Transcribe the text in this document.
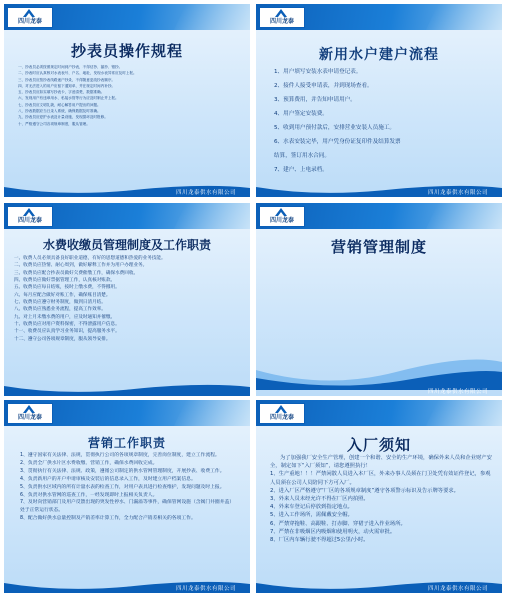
四川龙泰
抄表员操作规程

一、抄表员必须按照规定时间到户抄表，不得估抄、漏抄、错抄。

二、抄表时应认真核对水表表号、户名、地址，发现水表异常应及时上报。

三、抄表员应按抄表线路逐户抄录，不得随意更改抄表顺序。

四、对无法进入的用户应留下通知单，并在规定时间内补抄。

五、抄表员应如实填写抄表卡，字迹清楚，数据准确。

六、发现用户有违章用水、私接水管等行为应及时制止并上报。

七、抄表员应文明礼貌，耐心解答用户提出的问题。

八、抄表数据应当日录入系统，确保数据及时准确。

九、抄表员应爱护水表及计量设施，发现损坏及时报修。

十、严格遵守公司各项规章制度，服从管理。

四川龙泰供水有限公司
四川龙泰
新用水户建户流程

1、用户填写安装水表申请登记表。

2、接件人接受申请表，并到现场查看。

3、预算费用，并告知申请用户。

4、用户签定安装费。

5、收到用户预付款后，安排营业安装人员施工。

6、水表安装完毕，用户凭身份证复印件及结算发票

结算，签订用水合同。

7、建户、上电录档。

四川龙泰供水有限公司
四川龙泰
水费收缴员管理制度及工作职责

一、收费人员必须具备良好职业道德，有好的思想道德和热爱的业务技能。

二、收费员应热情、耐心周到，做好解释工作并为用户办理业务。

三、收费员应配合抄表员做好欠费催缴工作，确保水费回收。

四、收费员应做好票据管理工作，认真核对账款。

五、收费员应每日结账，按时上缴水费，不得挪用。

六、每月应配合做好对账工作，确保账目清楚。

七、收费员应遵守财务制度，做到日清月结。

八、收费员应熟悉业务流程，提高工作效率。

九、对上月未缴水费的用户，应及时通知并催缴。

十、收费员应对用户资料保密，不得泄露用户信息。

十一、收费员应认真学习业务知识，提高服务水平。

十二、遵守公司各项规章制度，服从领导安排。

四川龙泰
营销管理制度
四川龙泰供水有限公司
四川龙泰
营销工作职责

1、遵守国家有关法律、法规，贯彻执行公司的各项规章制度，完善岗位制度，建立工作流程。

2、负责全厂供水片区水费收缴、营销工作，确保水费回收完成。

3、贯彻执行有关法律、法规、政策，遵循公司制定的供水管网管理制度，开展抄表、收费工作。

4、负责新用户的开户申请审核及安装后的信息录入工作，及时建立用户档案信息。

5、负责供水区域内的所有计量水表的检查工作，对用户表具进行检查维护，发现问题及时上报。

6、负责对供水管网的巡查工作，一经发现即时上报相关负责人。

7、及时向营销部门及用户反馈出现的突发性停水、门漏溢等事件，确保管网设施（含阀门井圈井盖）处于正常运行状态。

8、配合做好供水总量控制及产销差率计算工作，全力配合产销差相关的各项工作。

四川龙泰供水有限公司
四川龙泰
入厂须知

为了加强我厂安全生产管理，创建一个和谐、安全的生产环境，确保外来人员和企业财产安全，制定如下“入厂须知”，请您遵照执行！

1、生产重地！！！严禁闲散人员进入本厂区，外来办事人员须在门卫处凭有效证件登记，参观人员须在公司人员陪同下方可入厂。

2、进入厂区严格遵守“厂区的各项规章制度”遵守各项警示标识及告示牌等要求。

3、外来人员未经允许不得在厂区内拍照。

4、外来车登记后停放到指定地点。

5、进入工作场所，需佩戴安全帽。

6、严禁穿拖鞋、高跟鞋、打赤脚、穿裙子进入作业场所。

7、严禁在非吸烟区内吸烟和使用明火，动火需审批。

8、厂区内车辆行驶不得超过5公里/小时。

四川龙泰供水有限公司
